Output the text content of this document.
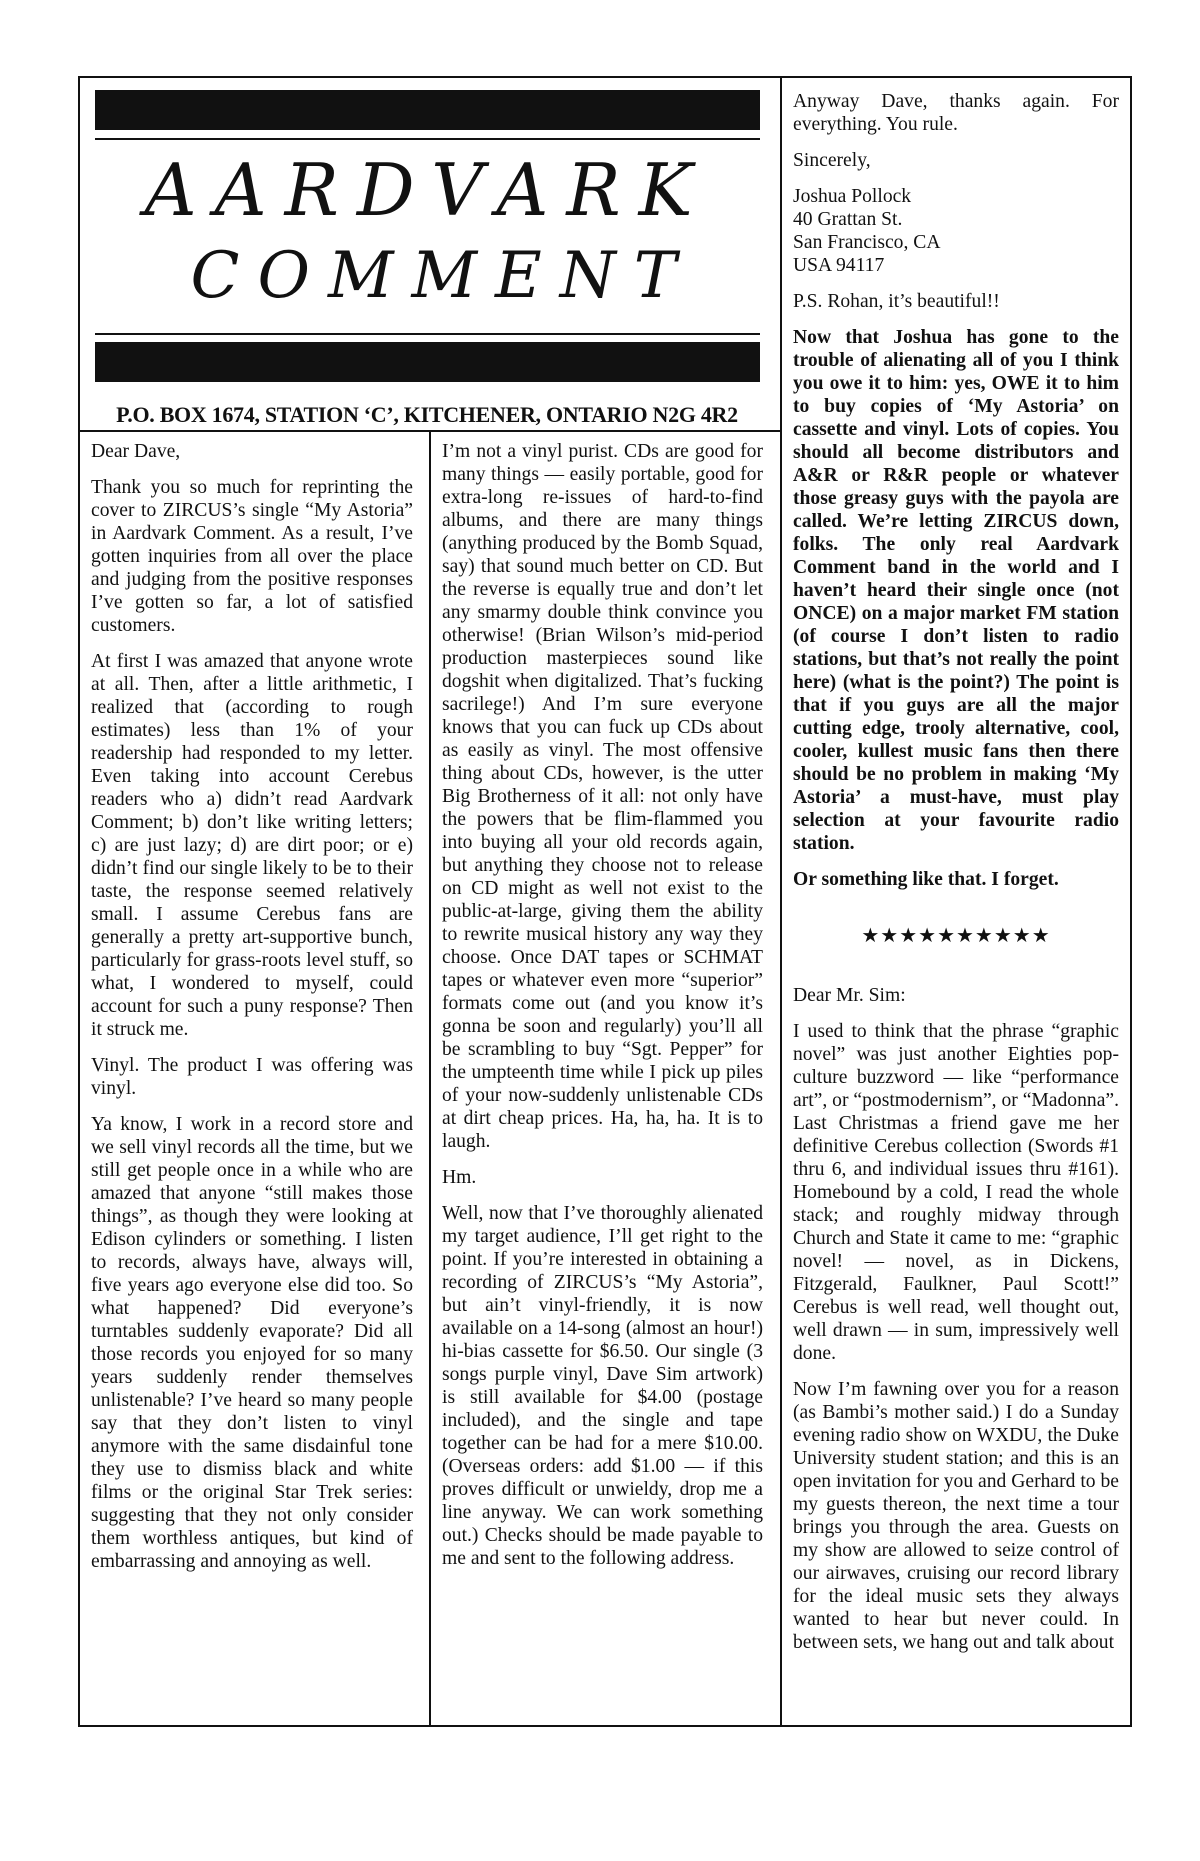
AARDVARK
COMMENT
P.O. BOX 1674, STATION ‘C’, KITCHENER, ONTARIO N2G 4R2

Dear Dave,

Thank you so much for reprinting the cover to ZIRCUS’s single “My Astoria” in Aardvark Comment. As a result, I’ve gotten inquiries from all over the place and judging from the positive responses I’ve gotten so far, a lot of satisfied customers.

At first I was amazed that anyone wrote at all. Then, after a little arithmetic, I realized that (according to rough estimates) less than 1% of your readership had responded to my letter. Even taking into account Cerebus readers who a) didn’t read Aardvark Comment; b) don’t like writing letters; c) are just lazy; d) are dirt poor; or e) didn’t find our single likely to be to their taste, the response seemed relatively small. I assume Cerebus fans are generally a pretty art-supportive bunch, particularly for grass-roots level stuff, so what, I wondered to myself, could account for such a puny response? Then it struck me.

Vinyl. The product I was offering was vinyl.

Ya know, I work in a record store and we sell vinyl records all the time, but we still get people once in a while who are amazed that anyone “still makes those things”, as though they were looking at Edison cylinders or something. I listen to records, always have, always will, five years ago everyone else did too. So what happened? Did everyone’s turntables suddenly evaporate? Did all those records you enjoyed for so many years suddenly render themselves unlistenable? I’ve heard so many people say that they don’t listen to vinyl anymore with the same disdainful tone they use to dismiss black and white films or the original Star Trek series: suggesting that they not only consider them worthless antiques, but kind of embarrassing and annoying as well.

I’m not a vinyl purist. CDs are good for many things — easily portable, good for extra-long re-issues of hard-to-find albums, and there are many things (anything produced by the Bomb Squad, say) that sound much better on CD. But the reverse is equally true and don’t let any smarmy double think convince you otherwise! (Brian Wilson’s mid-period production masterpieces sound like dogshit when digitalized. That’s fucking sacrilege!) And I’m sure everyone knows that you can fuck up CDs about as easily as vinyl. The most offensive thing about CDs, however, is the utter Big Brotherness of it all: not only have the powers that be flim-flammed you into buying all your old records again, but anything they choose not to release on CD might as well not exist to the public-at-large, giving them the ability to rewrite musical history any way they choose. Once DAT tapes or SCHMAT tapes or whatever even more “superior” formats come out (and you know it’s gonna be soon and regularly) you’ll all be scrambling to buy “Sgt. Pepper” for the umpteenth time while I pick up piles of your now-suddenly unlistenable CDs at dirt cheap prices. Ha, ha, ha. It is to laugh.

Hm.

Well, now that I’ve thoroughly alienated my target audience, I’ll get right to the point. If you’re interested in obtaining a recording of ZIRCUS’s “My Astoria”, but ain’t vinyl-friendly, it is now available on a 14-song (almost an hour!) hi-bias cassette for $6.50. Our single (3 songs purple vinyl, Dave Sim artwork) is still available for $4.00 (postage included), and the single and tape together can be had for a mere $10.00. (Overseas orders: add $1.00 — if this proves difficult or unwieldy, drop me a line anyway. We can work something out.) Checks should be made payable to me and sent to the following address.

Anyway Dave, thanks again. For everything. You rule.

Sincerely,

Joshua Pollock
40 Grattan St.
San Francisco, CA
USA 94117

P.S. Rohan, it’s beautiful!!

Now that Joshua has gone to the trouble of alienating all of you I think you owe it to him: yes, OWE it to him to buy copies of ‘My Astoria’ on cassette and vinyl. Lots of copies. You should all become distributors and A&R or R&R people or whatever those greasy guys with the payola are called. We’re letting ZIRCUS down, folks. The only real Aardvark Comment band in the world and I haven’t heard their single once (not ONCE) on a major market FM station (of course I don’t listen to radio stations, but that’s not really the point here) (what is the point?) The point is that if you guys are all the major cutting edge, trooly alternative, cool, cooler, kullest music fans then there should be no problem in making ‘My Astoria’ a must-have, must play selection at your favourite radio station.

Or something like that. I forget.

★★★★★★★★★★

Dear Mr. Sim:

I used to think that the phrase “graphic novel” was just another Eighties pop-culture buzzword — like “performance art”, or “postmodernism”, or “Madonna”. Last Christmas a friend gave me her definitive Cerebus collection (Swords #1 thru 6, and individual issues thru #161). Homebound by a cold, I read the whole stack; and roughly midway through Church and State it came to me: “graphic novel! — novel, as in Dickens, Fitzgerald, Faulkner, Paul Scott!” Cerebus is well read, well thought out, well drawn — in sum, impressively well done.

Now I’m fawning over you for a reason (as Bambi’s mother said.) I do a Sunday evening radio show on WXDU, the Duke University student station; and this is an open invitation for you and Gerhard to be my guests thereon, the next time a tour brings you through the area. Guests on my show are allowed to seize control of our airwaves, cruising our record library for the ideal music sets they always wanted to hear but never could. In between sets, we hang out and talk about
